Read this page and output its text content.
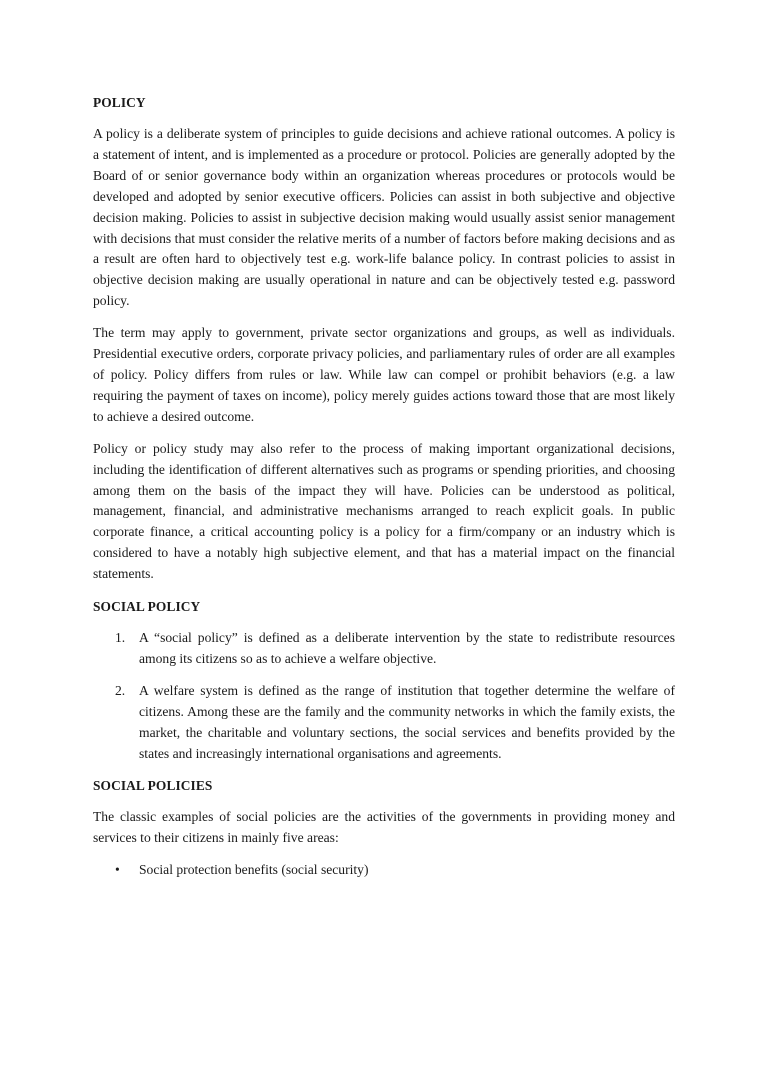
POLICY

A policy is a deliberate system of principles to guide decisions and achieve rational outcomes. A policy is a statement of intent, and is implemented as a procedure or protocol. Policies are generally adopted by the Board of or senior governance body within an organization whereas procedures or protocols would be developed and adopted by senior executive officers. Policies can assist in both subjective and objective decision making. Policies to assist in subjective decision making would usually assist senior management with decisions that must consider the relative merits of a number of factors before making decisions and as a result are often hard to objectively test e.g. work-life balance policy. In contrast policies to assist in objective decision making are usually operational in nature and can be objectively tested e.g. password policy.

The term may apply to government, private sector organizations and groups, as well as individuals. Presidential executive orders, corporate privacy policies, and parliamentary rules of order are all examples of policy. Policy differs from rules or law. While law can compel or prohibit behaviors (e.g. a law requiring the payment of taxes on income), policy merely guides actions toward those that are most likely to achieve a desired outcome.

Policy or policy study may also refer to the process of making important organizational decisions, including the identification of different alternatives such as programs or spending priorities, and choosing among them on the basis of the impact they will have. Policies can be understood as political, management, financial, and administrative mechanisms arranged to reach explicit goals. In public corporate finance, a critical accounting policy is a policy for a firm/company or an industry which is considered to have a notably high subjective element, and that has a material impact on the financial statements.

SOCIAL POLICY

1. A “social policy” is defined as a deliberate intervention by the state to redistribute resources among its citizens so as to achieve a welfare objective.

2. A welfare system is defined as the range of institution that together determine the welfare of citizens. Among these are the family and the community networks in which the family exists, the market, the charitable and voluntary sections, the social services and benefits provided by the states and increasingly international organisations and agreements.

SOCIAL POLICIES

The classic examples of social policies are the activities of the governments in providing money and services to their citizens in mainly five areas:

• Social protection benefits (social security)
